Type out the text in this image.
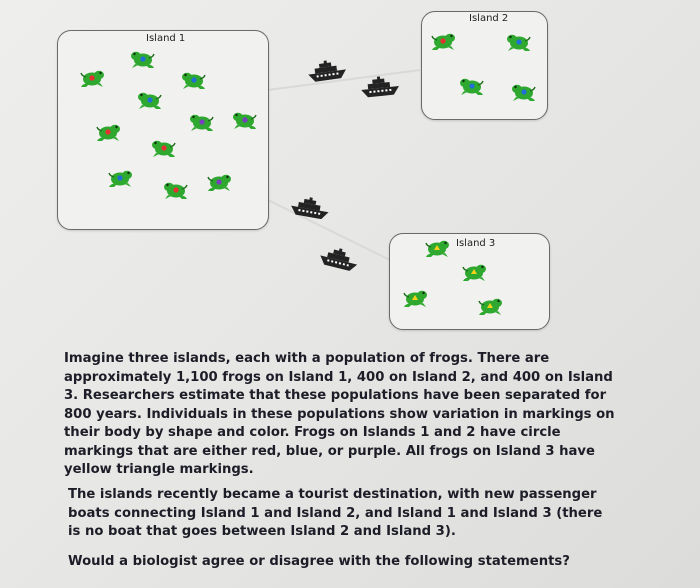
Island 1
Island 2
Island 3

Imagine three islands, each with a population of frogs. There are approximately 1,100 frogs on Island 1, 400 on Island 2, and 400 on Island 3. Researchers estimate that these populations have been separated for 800 years. Individuals in these populations show variation in markings on their body by shape and color. Frogs on Islands 1 and 2 have circle markings that are either red, blue, or purple. All frogs on Island 3 have yellow triangle markings.

The islands recently became a tourist destination, with new passenger boats connecting Island 1 and Island 2, and Island 1 and Island 3 (there is no boat that goes between Island 2 and Island 3).

Would a biologist agree or disagree with the following statements?
